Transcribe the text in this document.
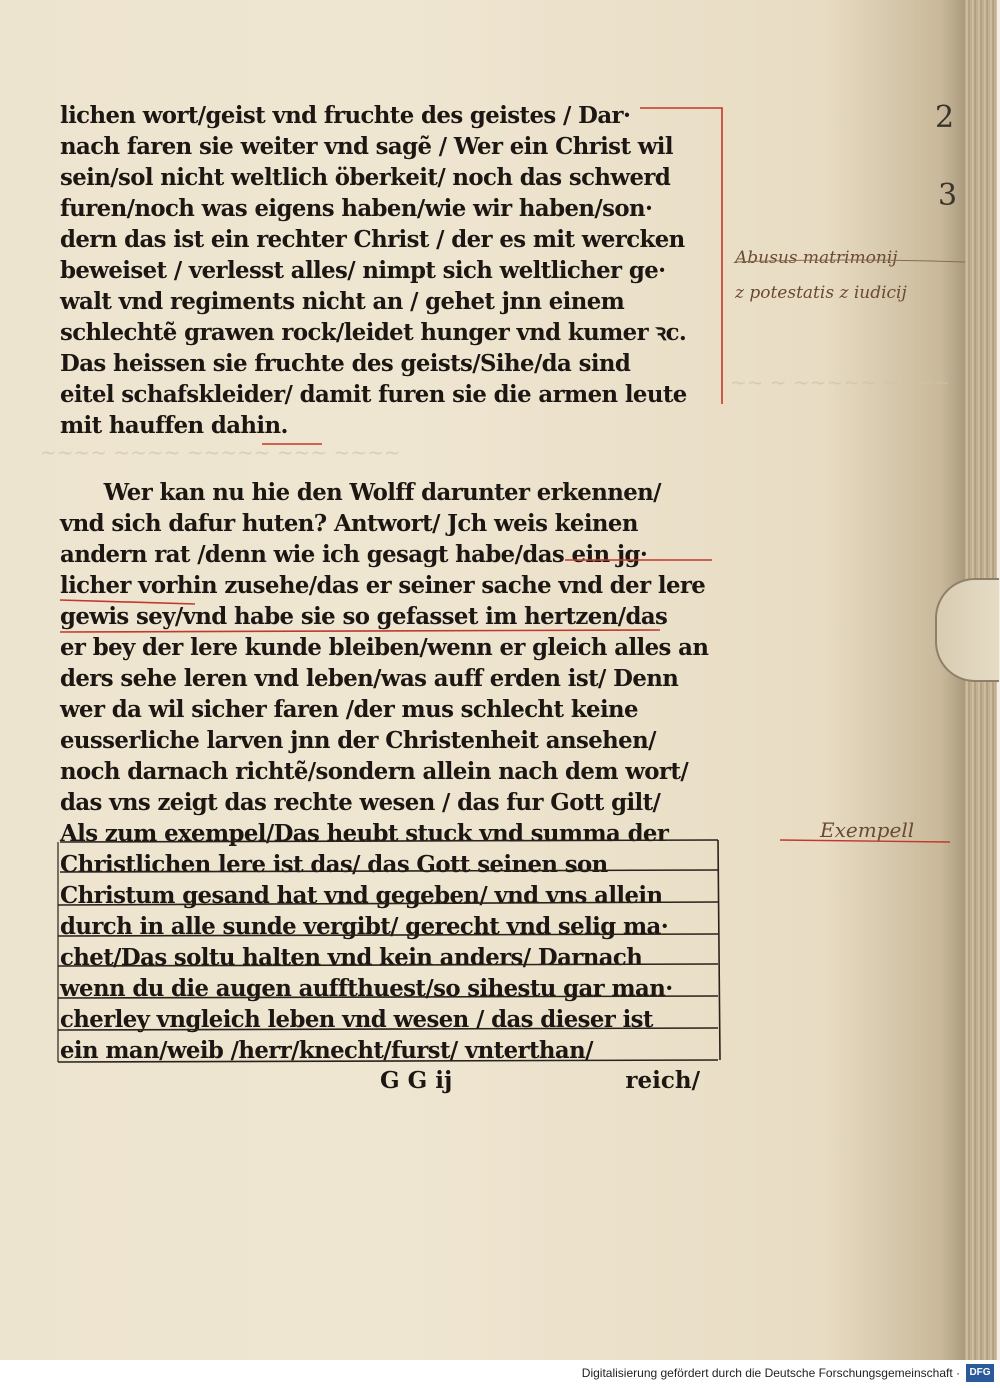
~~ ~ ~~~~~ ~~~~
~~~~ ~~~~ ~~~~~ ~~~ ~~~~
2
3
lichen wort/geist vnd fruchte des geistes / Dar·
nach faren sie weiter vnd sagẽ / Wer ein Christ wil
sein/sol nicht weltlich öberkeit/ noch das schwerd
furen/noch was eigens haben/wie wir haben/son·
dern das ist ein rechter Christ / der es mit wercken
beweiset / verlesst alles/ nimpt sich weltlicher ge·
walt vnd regiments nicht an / gehet jnn einem
schlechtẽ grawen rock/leidet hunger vnd kumer ꝛc.
Das heissen sie fruchte des geists/Sihe/da sind
eitel schafskleider/ damit furen sie die armen leute
mit hauffen dahin.
Wer kan nu hie den Wolff darunter erkennen/
vnd sich dafur huten? Antwort/ Jch weis keinen
andern rat /denn wie ich gesagt habe/das ein jg·
licher vorhin zusehe/das er seiner sache vnd der lere
gewis sey/vnd habe sie so gefasset im hertzen/das
er bey der lere kunde bleiben/wenn er gleich alles an
ders sehe leren vnd leben/was auff erden ist/ Denn
wer da wil sicher faren /der mus schlecht keine
eusserliche larven jnn der Christenheit ansehen/
noch darnach richtẽ/sondern allein nach dem wort/
das vns zeigt das rechte wesen / das fur Gott gilt/
Als zum exempel/Das heubt stuck vnd summa der
Christlichen lere ist das/ das Gott seinen son
Christum gesand hat vnd gegeben/ vnd vns allein
durch in alle sunde vergibt/ gerecht vnd selig ma·
chet/Das soltu halten vnd kein anders/ Darnach
wenn du die augen auffthuest/so sihestu gar man·
cherley vngleich leben vnd wesen / das dieser ist
ein man/weib /herr/knecht/furst/ vnterthan/
G G ij	reich/
Abusus matrimonij
z potestatis z iudicij
Exempell
Digitalisierung gefördert durch die Deutsche Forschungsgemeinschaft · DFG
